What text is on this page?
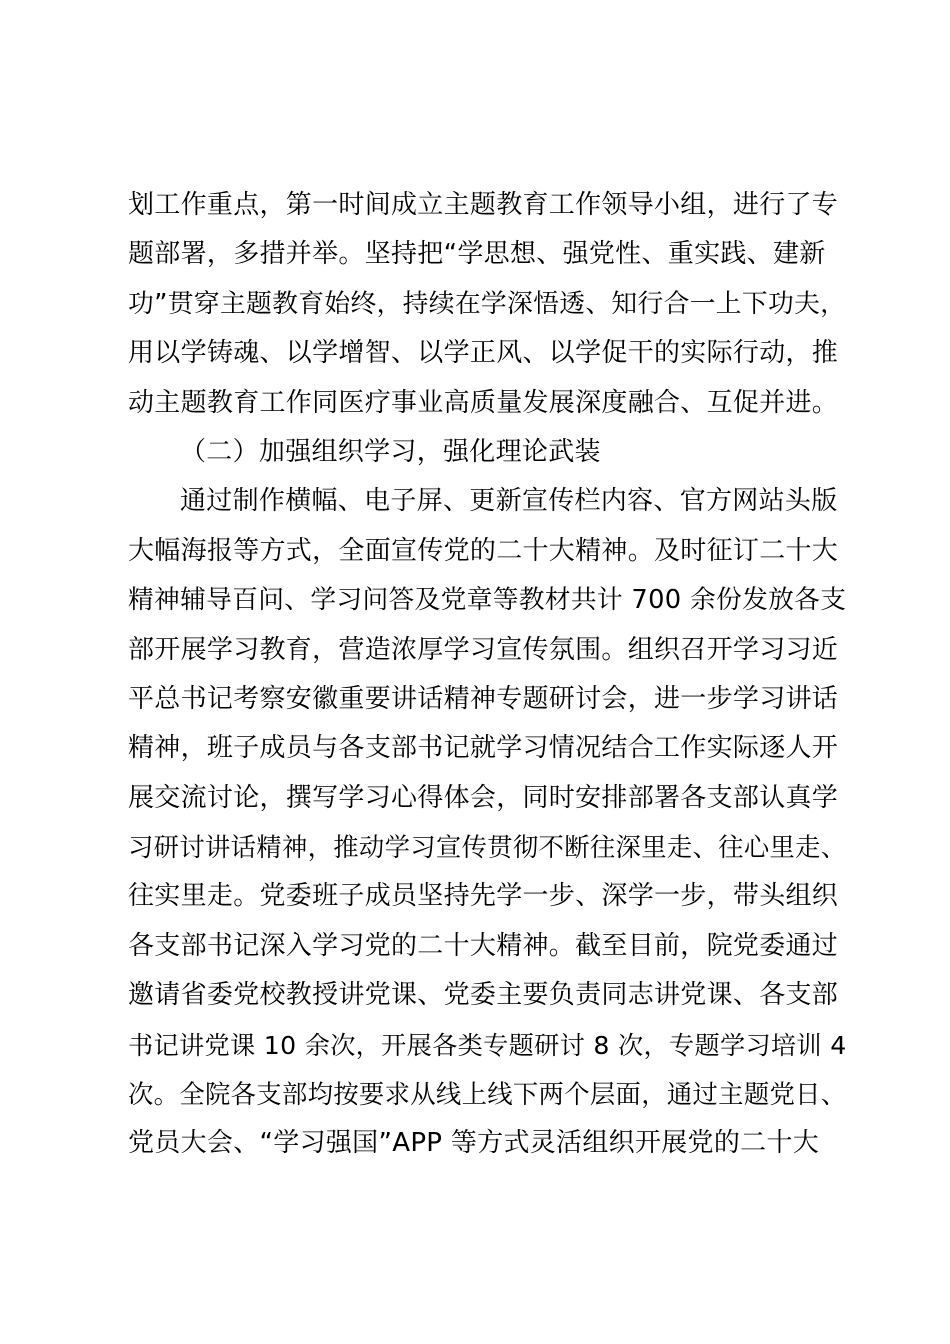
划工作重点，第一时间成立主题教育工作领导小组，进行了专
题部署，多措并举。坚持把“学思想、强党性、重实践、建新
功”贯穿主题教育始终，持续在学深悟透、知行合一上下功夫，
用以学铸魂、以学增智、以学正风、以学促干的实际行动，推
动主题教育工作同医疗事业高质量发展深度融合、互促并进。
（二）加强组织学习，强化理论武装
通过制作横幅、电子屏、更新宣传栏内容、官方网站头版
大幅海报等方式，全面宣传党的二十大精神。及时征订二十大
精神辅导百问、学习问答及党章等教材共计 700 余份发放各支
部开展学习教育，营造浓厚学习宣传氛围。组织召开学习习近
平总书记考察安徽重要讲话精神专题研讨会，进一步学习讲话
精神，班子成员与各支部书记就学习情况结合工作实际逐人开
展交流讨论，撰写学习心得体会，同时安排部署各支部认真学
习研讨讲话精神，推动学习宣传贯彻不断往深里走、往心里走、
往实里走。党委班子成员坚持先学一步、深学一步，带头组织
各支部书记深入学习党的二十大精神。截至目前，院党委通过
邀请省委党校教授讲党课、党委主要负责同志讲党课、各支部
书记讲党课 10 余次，开展各类专题研讨 8 次，专题学习培训 4
次。全院各支部均按要求从线上线下两个层面，通过主题党日、
党员大会、“学习强国”APP 等方式灵活组织开展党的二十大
